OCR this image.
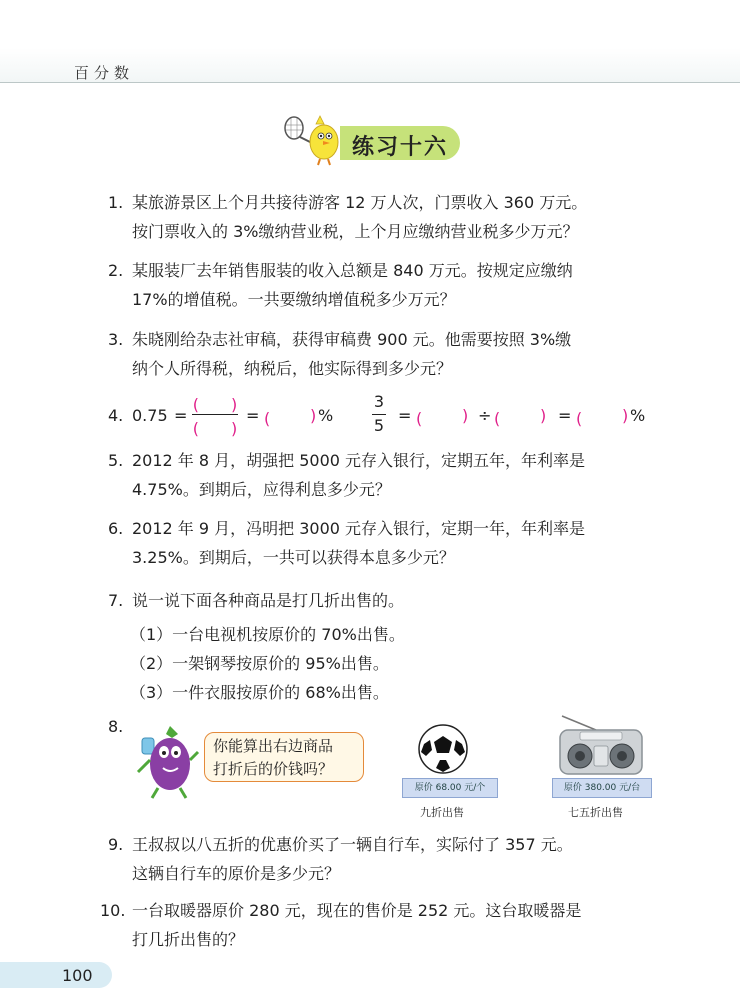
百分数
练习十六
1. 某旅游景区上个月共接待游客 12 万人次，门票收入 360 万元。
按门票收入的 3%缴纳营业税，上个月应缴纳营业税多少万元？
2. 某服装厂去年销售服装的收入总额是 840 万元。按规定应缴纳
17%的增值税。一共要缴纳增值税多少万元？
3. 朱晓刚给杂志社审稿，获得审稿费 900 元。他需要按照 3%缴
纳个人所得税，纳税后，他实际得到多少元？
4. 0.75 =
(　　)
(　　)
= (　　 ) %
3
5
= (　　 ) ÷ (　　 ) = (　　 ) %
5. 2012 年 8 月，胡强把 5000 元存入银行，定期五年，年利率是
4.75%。到期后，应得利息多少元？
6. 2012 年 9 月，冯明把 3000 元存入银行，定期一年，年利率是
3.25%。到期后，一共可以获得本息多少元？
7. 说一说下面各种商品是打几折出售的。
（1）一台电视机按原价的 70%出售。
（2）一架钢琴按原价的 95%出售。
（3）一件衣服按原价的 68%出售。
8.
你能算出右边商品
打折后的价钱吗？
原价 68.00 元/个
九折出售
原价 380.00 元/台
七五折出售
9. 王叔叔以八五折的优惠价买了一辆自行车，实际付了 357 元。
这辆自行车的原价是多少元？
10. 一台取暖器原价 280 元，现在的售价是 252 元。这台取暖器是
打几折出售的？
100
